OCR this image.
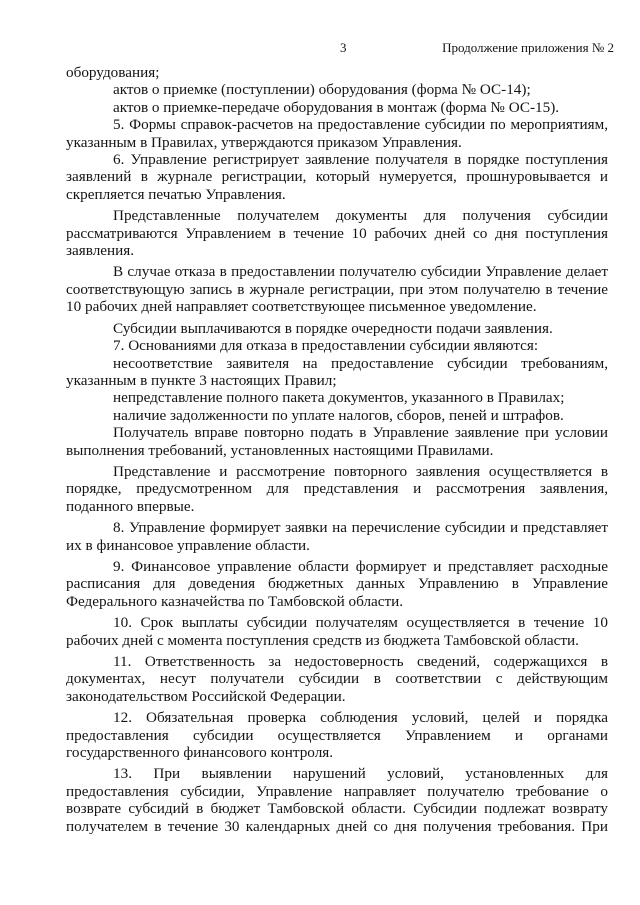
3	Продолжение приложения № 2

оборудования;

актов о приемке (поступлении) оборудования (форма № ОС-14);

актов о приемке-передаче оборудования в монтаж (форма № ОС-15).

5. Формы справок-расчетов на предоставление субсидии по мероприятиям, указанным в Правилах, утверждаются приказом Управления.

6. Управление регистрирует заявление получателя в порядке поступления заявлений в журнале регистрации, который нумеруется, прошнуровывается и скрепляется печатью Управления.

Представленные получателем документы для получения субсидии рассматриваются Управлением в течение 10 рабочих дней со дня поступления заявления.

В случае отказа в предоставлении получателю субсидии Управление делает соответствующую запись в журнале регистрации, при этом получателю в течение 10 рабочих дней направляет соответствующее письменное уведомление.

Субсидии выплачиваются в порядке очередности подачи заявления.

7. Основаниями для отказа в предоставлении субсидии являются:

несоответствие заявителя на предоставление субсидии требованиям, указанным в пункте 3 настоящих Правил;

непредставление полного пакета документов, указанного в Правилах;

наличие задолженности по уплате налогов, сборов, пеней и штрафов.

Получатель вправе повторно подать в Управление заявление при условии выполнения требований, установленных настоящими Правилами.

Представление и рассмотрение повторного заявления осуществляется в порядке, предусмотренном для представления и рассмотрения заявления, поданного впервые.

8. Управление формирует заявки на перечисление субсидии и представляет их в финансовое управление области.

9. Финансовое управление области формирует и представляет расходные расписания для доведения бюджетных данных Управлению в Управление Федерального казначейства по Тамбовской области.

10. Срок выплаты субсидии получателям осуществляется в течение 10 рабочих дней с момента поступления средств из бюджета Тамбовской области.

11. Ответственность за недостоверность сведений, содержащихся в документах, несут получатели субсидии в соответствии с действующим законодательством Российской Федерации.

12. Обязательная проверка соблюдения условий, целей и порядка предоставления субсидии осуществляется Управлением и органами государственного финансового контроля.

13. При выявлении нарушений условий, установленных для предоставления субсидии, Управление направляет получателю требование о возврате субсидий в бюджет Тамбовской области. Субсидии подлежат возврату получателем в течение 30 календарных дней со дня получения требования. При
